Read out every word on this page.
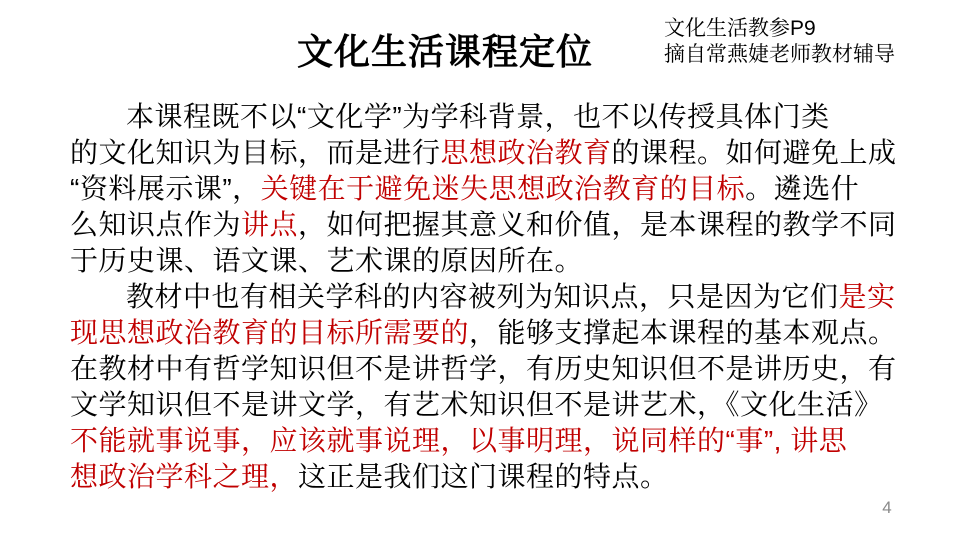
文化生活课程定位
文化生活教参P9
摘自常燕婕老师教材辅导
本课程既不以“文化学”为学科背景，也不以传授具体门类
的文化知识为目标，而是进行思想政治教育的课程。如何避免上成
“资料展示课”，关键在于避免迷失思想政治教育的目标。遴选什
么知识点作为讲点，如何把握其意义和价值，是本课程的教学不同
于历史课、语文课、艺术课的原因所在。
教材中也有相关学科的内容被列为知识点，只是因为它们是实
现思想政治教育的目标所需要的，能够支撑起本课程的基本观点。
在教材中有哲学知识但不是讲哲学，有历史知识但不是讲历史，有
文学知识但不是讲文学，有艺术知识但不是讲艺术，《文化生活》
不能就事说事，应该就事说理，以事明理，说同样的“事”, 讲思
想政治学科之理，这正是我们这门课程的特点。
4
